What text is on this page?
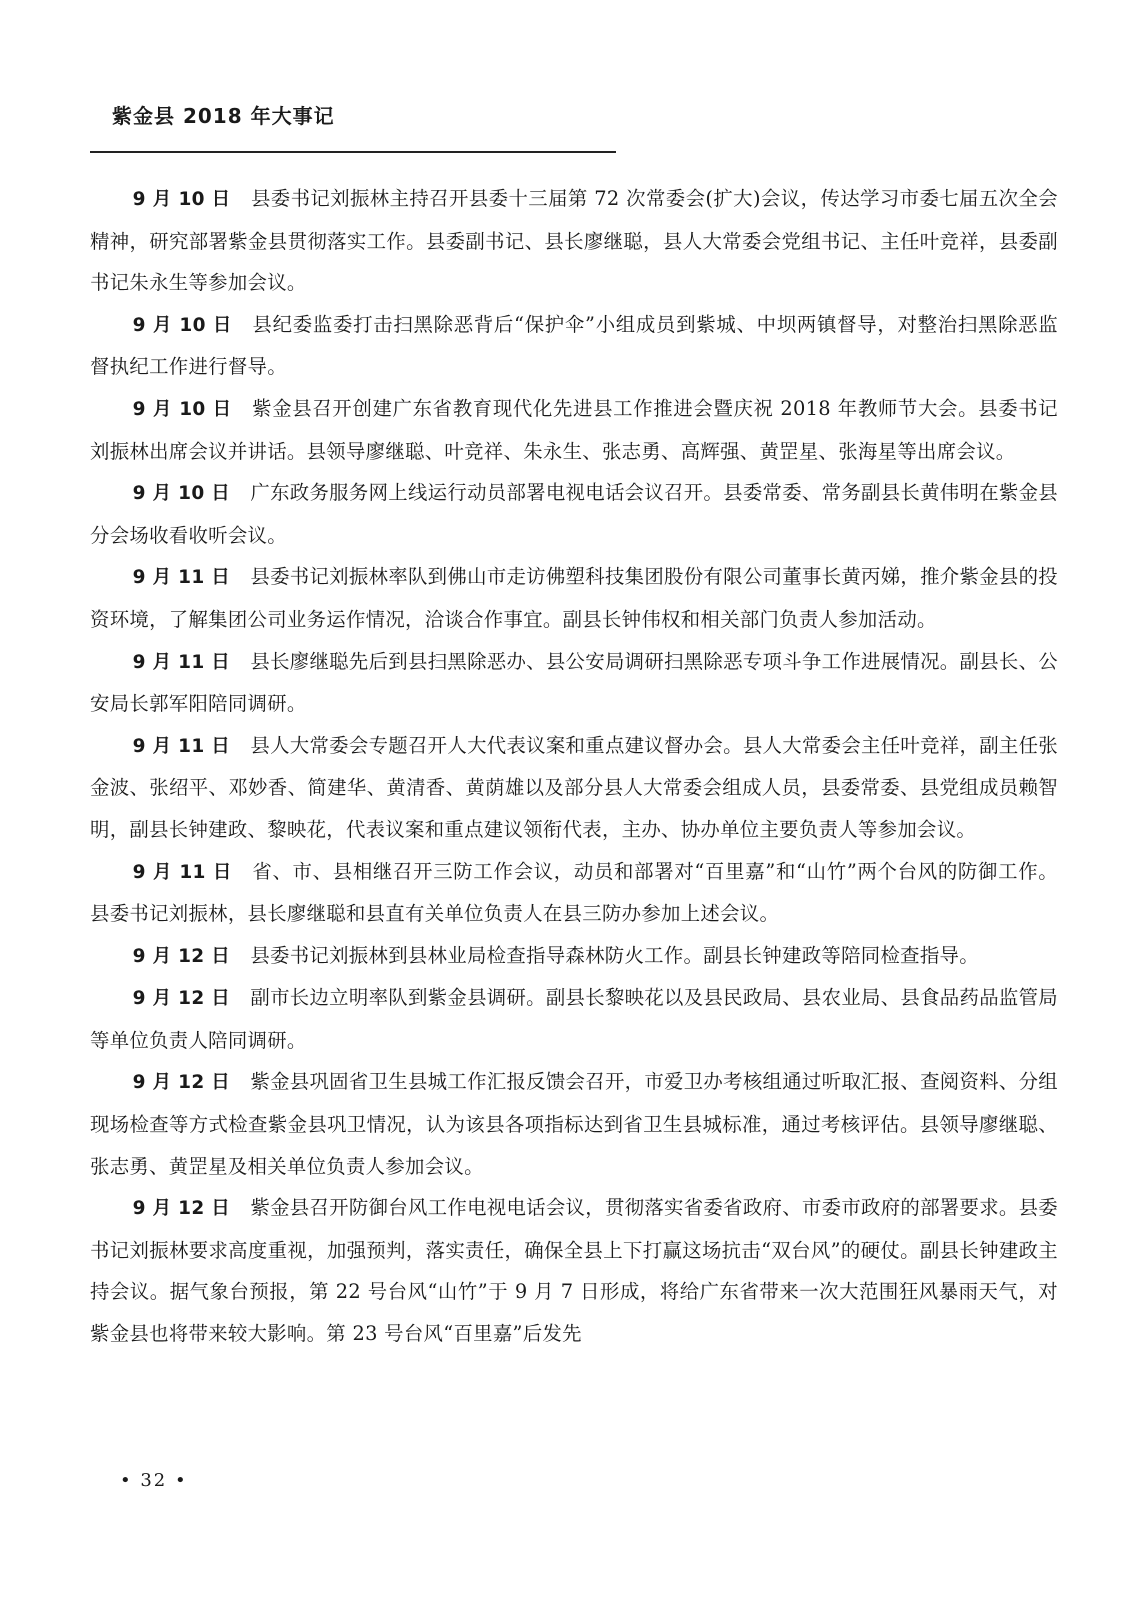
紫金县 2018 年大事记

9 月 10 日 县委书记刘振林主持召开县委十三届第 72 次常委会(扩大)会议，传达学习市委七届五次全会精神，研究部署紫金县贯彻落实工作。县委副书记、县长廖继聪，县人大常委会党组书记、主任叶竞祥，县委副书记朱永生等参加会议。

9 月 10 日 县纪委监委打击扫黑除恶背后“保护伞”小组成员到紫城、中坝两镇督导，对整治扫黑除恶监督执纪工作进行督导。

9 月 10 日 紫金县召开创建广东省教育现代化先进县工作推进会暨庆祝 2018 年教师节大会。县委书记刘振林出席会议并讲话。县领导廖继聪、叶竞祥、朱永生、张志勇、高辉强、黄罡星、张海星等出席会议。

9 月 10 日 广东政务服务网上线运行动员部署电视电话会议召开。县委常委、常务副县长黄伟明在紫金县分会场收看收听会议。

9 月 11 日 县委书记刘振林率队到佛山市走访佛塑科技集团股份有限公司董事长黄丙娣，推介紫金县的投资环境，了解集团公司业务运作情况，洽谈合作事宜。副县长钟伟权和相关部门负责人参加活动。

9 月 11 日 县长廖继聪先后到县扫黑除恶办、县公安局调研扫黑除恶专项斗争工作进展情况。副县长、公安局长郭军阳陪同调研。

9 月 11 日 县人大常委会专题召开人大代表议案和重点建议督办会。县人大常委会主任叶竞祥，副主任张金波、张绍平、邓妙香、简建华、黄清香、黄荫雄以及部分县人大常委会组成人员，县委常委、县党组成员赖智明，副县长钟建政、黎映花，代表议案和重点建议领衔代表，主办、协办单位主要负责人等参加会议。

9 月 11 日 省、市、县相继召开三防工作会议，动员和部署对“百里嘉”和“山竹”两个台风的防御工作。县委书记刘振林，县长廖继聪和县直有关单位负责人在县三防办参加上述会议。

9 月 12 日 县委书记刘振林到县林业局检查指导森林防火工作。副县长钟建政等陪同检查指导。

9 月 12 日 副市长边立明率队到紫金县调研。副县长黎映花以及县民政局、县农业局、县食品药品监管局等单位负责人陪同调研。

9 月 12 日 紫金县巩固省卫生县城工作汇报反馈会召开，市爱卫办考核组通过听取汇报、查阅资料、分组现场检查等方式检查紫金县巩卫情况，认为该县各项指标达到省卫生县城标准，通过考核评估。县领导廖继聪、张志勇、黄罡星及相关单位负责人参加会议。

9 月 12 日 紫金县召开防御台风工作电视电话会议，贯彻落实省委省政府、市委市政府的部署要求。县委书记刘振林要求高度重视，加强预判，落实责任，确保全县上下打赢这场抗击“双台风”的硬仗。副县长钟建政主持会议。据气象台预报，第 22 号台风“山竹”于 9 月 7 日形成，将给广东省带来一次大范围狂风暴雨天气，对紫金县也将带来较大影响。第 23 号台风“百里嘉”后发先

• 32 •
